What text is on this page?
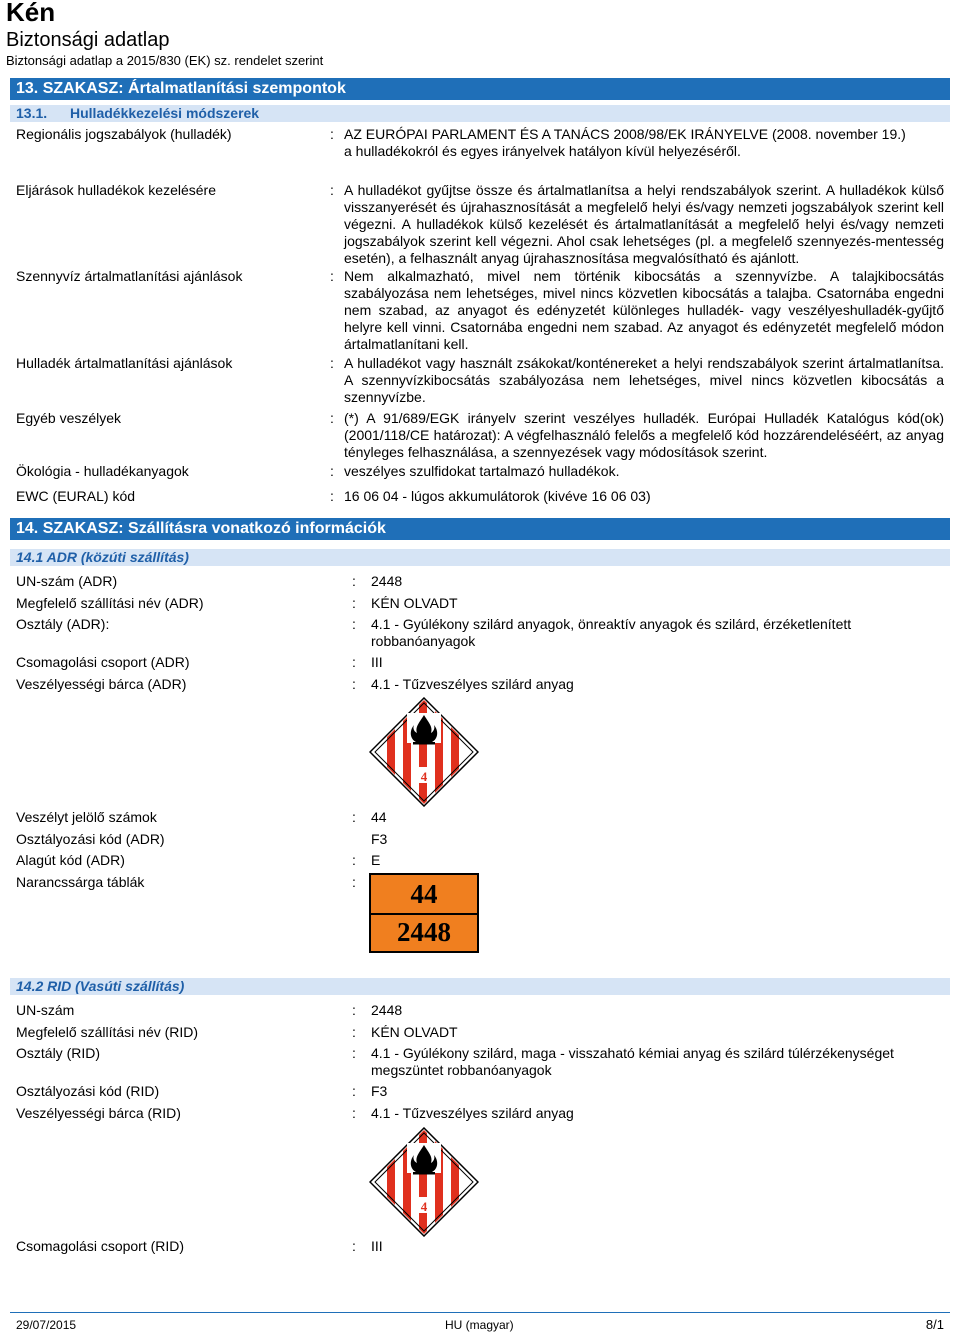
Kén
Biztonsági adatlap
Biztonsági adatlap a 2015/830 (EK) sz. rendelet szerint
13. SZAKASZ: Ártalmatlanítási szempontok
13.1. Hulladékkezelési módszerek
Regionális jogszabályok (hulladék)	: AZ EURÓPAI PARLAMENT ÉS A TANÁCS 2008/98/EK IRÁNYELVE (2008. november 19.)
a hulladékokról és egyes irányelvek hatályon kívül helyezéséről.
Eljárások hulladékok kezelésére	: A hulladékot gyűjtse össze és ártalmatlanítsa a helyi rendszabályok szerint. A hulladékok külső visszanyerését és újrahasznosítását a megfelelő helyi és/vagy nemzeti jogszabályok szerint kell végezni. A hulladékok külső kezelését és ártalmatlanítását a megfelelő helyi és/vagy nemzeti jogszabályok szerint kell végezni. Ahol csak lehetséges (pl. a megfelelő szennyezés-mentesség esetén), a felhasznált anyag újrahasznosítása megvalósítható és ajánlott.
Szennyvíz ártalmatlanítási ajánlások	: Nem alkalmazható, mivel nem történik kibocsátás a szennyvízbe. A talajkibocsátás szabályozása nem lehetséges, mivel nincs közvetlen kibocsátás a talajba. Csatornába engedni nem szabad, az anyagot és edényzetét különleges hulladék- vagy veszélyeshulladék-gyűjtő helyre kell vinni. Csatornába engedni nem szabad. Az anyagot és edényzetét megfelelő módon ártalmatlanítani kell.
Hulladék ártalmatlanítási ajánlások	: A hulladékot vagy használt zsákokat/konténereket a helyi rendszabályok szerint ártalmatlanítsa. A szennyvízkibocsátás szabályozása nem lehetséges, mivel nincs közvetlen kibocsátás a szennyvízbe.
Egyéb veszélyek	: (*) A 91/689/EGK irányelv szerint veszélyes hulladék. Európai Hulladék Katalógus kód(ok) (2001/118/CE határozat): A végfelhasználó felelős a megfelelő kód hozzárendeléséért, az anyag tényleges felhasználása, a szennyezések vagy módosítások szerint.
Ökológia - hulladékanyagok	: veszélyes szulfidokat tartalmazó hulladékok.
EWC (EURAL) kód	: 16 06 04 - lúgos akkumulátorok (kivéve 16 06 03)
14. SZAKASZ: Szállításra vonatkozó információk
14.1 ADR (közúti szállítás)
UN-szám (ADR)	: 2448
Megfelelő szállítási név (ADR)	: KÉN OLVADT
Osztály (ADR):	: 4.1 - Gyúlékony szilárd anyagok, önreaktív anyagok és szilárd, érzéketlenített robbanóanyagok
Csomagolási csoport (ADR)	: III
Veszélyességi bárca (ADR)	: 4.1 - Tűzveszélyes szilárd anyag
4
Veszélyt jelölő számok	: 44
Osztályozási kód (ADR)	F3
Alagút kód (ADR)	: E
Narancssárga táblák	:	44
2448
14.2 RID (Vasúti szállítás)
UN-szám	: 2448
Megfelelő szállítási név (RID)	: KÉN OLVADT
Osztály (RID)	: 4.1 - Gyúlékony szilárd, maga - visszaható kémiai anyag és szilárd túlérzékenységet megszüntet robbanóanyagok
Osztályozási kód (RID)	: F3
Veszélyességi bárca (RID)	: 4.1 - Tűzveszélyes szilárd anyag
4
Csomagolási csoport (RID)	: III
29/07/2015	HU (magyar)	8/1
